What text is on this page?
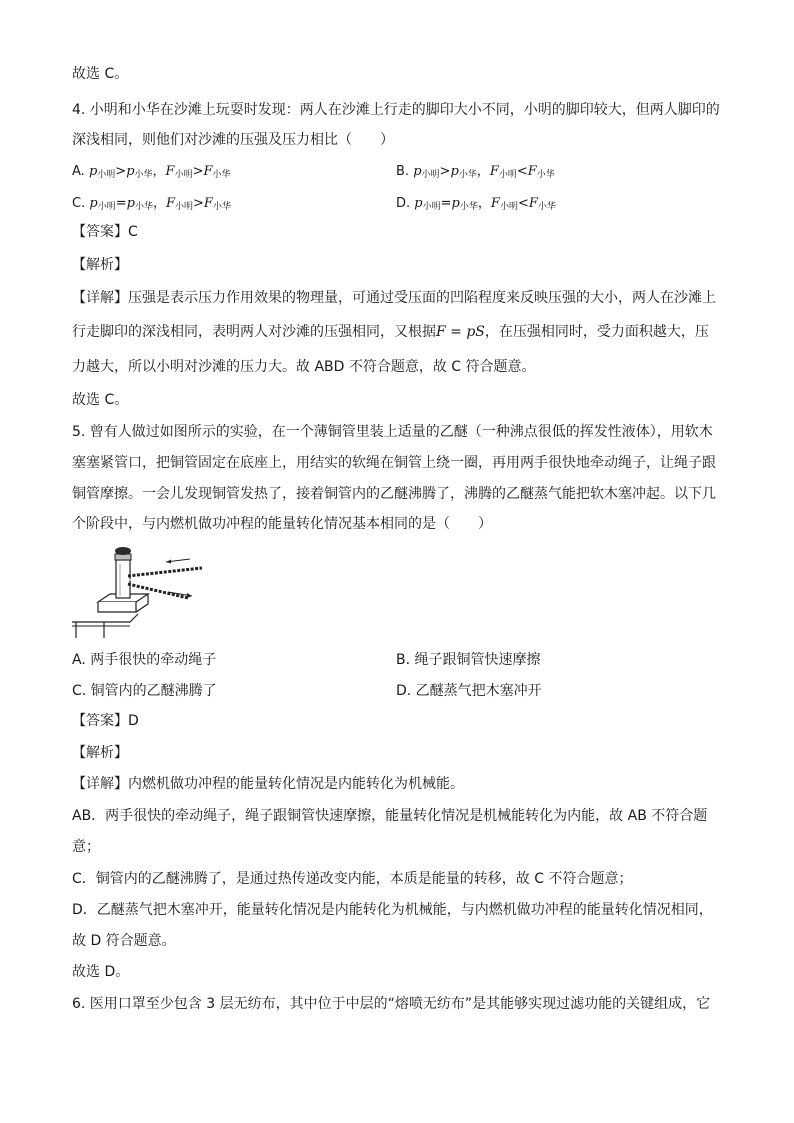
故选 C。
4. 小明和小华在沙滩上玩耍时发现：两人在沙滩上行走的脚印大小不同，小明的脚印较大，但两人脚印的
深浅相同，则他们对沙滩的压强及压力相比（　　）
A. $p_{小明}>p_{小华}$，$F_{小明}>F_{小华}$	B. $p_{小明}>p_{小华}$，$F_{小明}<F_{小华}$
C. $p_{小明}=p_{小华}$，$F_{小明}>F_{小华}$	D. $p_{小明}=p_{小华}$，$F_{小明}<F_{小华}$
【答案】C
【解析】
【详解】压强是表示压力作用效果的物理量，可通过受压面的凹陷程度来反映压强的大小，两人在沙滩上
行走脚印的深浅相同，表明两人对沙滩的压强相同，又根据F = pS，在压强相同时，受力面积越大，压
力越大，所以小明对沙滩的压力大。故 ABD 不符合题意，故 C 符合题意。
故选 C。
5. 曾有人做过如图所示的实验，在一个薄铜管里装上适量的乙醚（一种沸点很低的挥发性液体），用软木
塞塞紧管口，把铜管固定在底座上，用结实的软绳在铜管上绕一圈，再用两手很快地牵动绳子，让绳子跟
铜管摩擦。一会儿发现铜管发热了，接着铜管内的乙醚沸腾了，沸腾的乙醚蒸气能把软木塞冲起。以下几
个阶段中，与内燃机做功冲程的能量转化情况基本相同的是（　　）
A. 两手很快的牵动绳子	B. 绳子跟铜管快速摩擦
C. 铜管内的乙醚沸腾了	D. 乙醚蒸气把木塞冲开
【答案】D
【解析】
【详解】内燃机做功冲程的能量转化情况是内能转化为机械能。
AB．两手很快的牵动绳子，绳子跟铜管快速摩擦，能量转化情况是机械能转化为内能，故 AB 不符合题
意；
C．铜管内的乙醚沸腾了，是通过热传递改变内能，本质是能量的转移，故 C 不符合题意；
D．乙醚蒸气把木塞冲开，能量转化情况是内能转化为机械能，与内燃机做功冲程的能量转化情况相同，
故 D 符合题意。
故选 D。
6. 医用口罩至少包含 3 层无纺布，其中位于中层的“熔喷无纺布”是其能够实现过滤功能的关键组成，它
